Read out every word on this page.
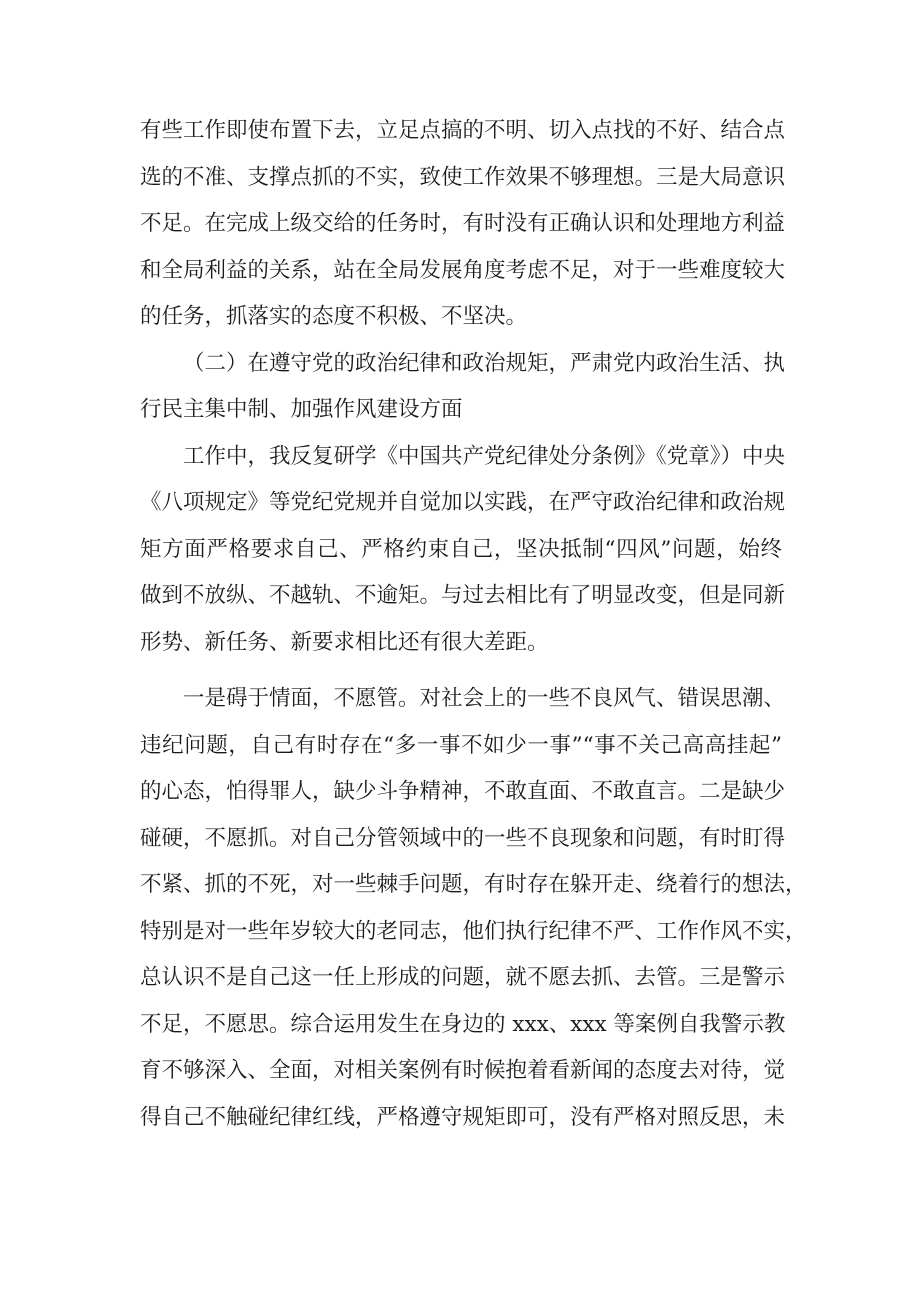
有些工作即使布置下去，立足点搞的不明、切入点找的不好、结合点
选的不准、支撑点抓的不实，致使工作效果不够理想。三是大局意识
不足。在完成上级交给的任务时，有时没有正确认识和处理地方利益
和全局利益的关系，站在全局发展角度考虑不足，对于一些难度较大
的任务，抓落实的态度不积极、不坚决。
（二）在遵守党的政治纪律和政治规矩，严肃党内政治生活、执
行民主集中制、加强作风建设方面
工作中，我反复研学《中国共产党纪律处分条例》《党章》）中央
《八项规定》等党纪党规并自觉加以实践，在严守政治纪律和政治规
矩方面严格要求自己、严格约束自己，坚决抵制“四风”问题，始终
做到不放纵、不越轨、不逾矩。与过去相比有了明显改变，但是同新
形势、新任务、新要求相比还有很大差距。
一是碍于情面，不愿管。对社会上的一些不良风气、错误思潮、
违纪问题，自己有时存在“多一事不如少一事”“事不关己高高挂起”
的心态，怕得罪人，缺少斗争精神，不敢直面、不敢直言。二是缺少
碰硬，不愿抓。对自己分管领域中的一些不良现象和问题，有时盯得
不紧、抓的不死，对一些棘手问题，有时存在躲开走、绕着行的想法，
特别是对一些年岁较大的老同志，他们执行纪律不严、工作作风不实，
总认识不是自己这一任上形成的问题，就不愿去抓、去管。三是警示
不足，不愿思。综合运用发生在身边的 xxx、xxx 等案例自我警示教
育不够深入、全面，对相关案例有时候抱着看新闻的态度去对待，觉
得自己不触碰纪律红线，严格遵守规矩即可，没有严格对照反思，未
